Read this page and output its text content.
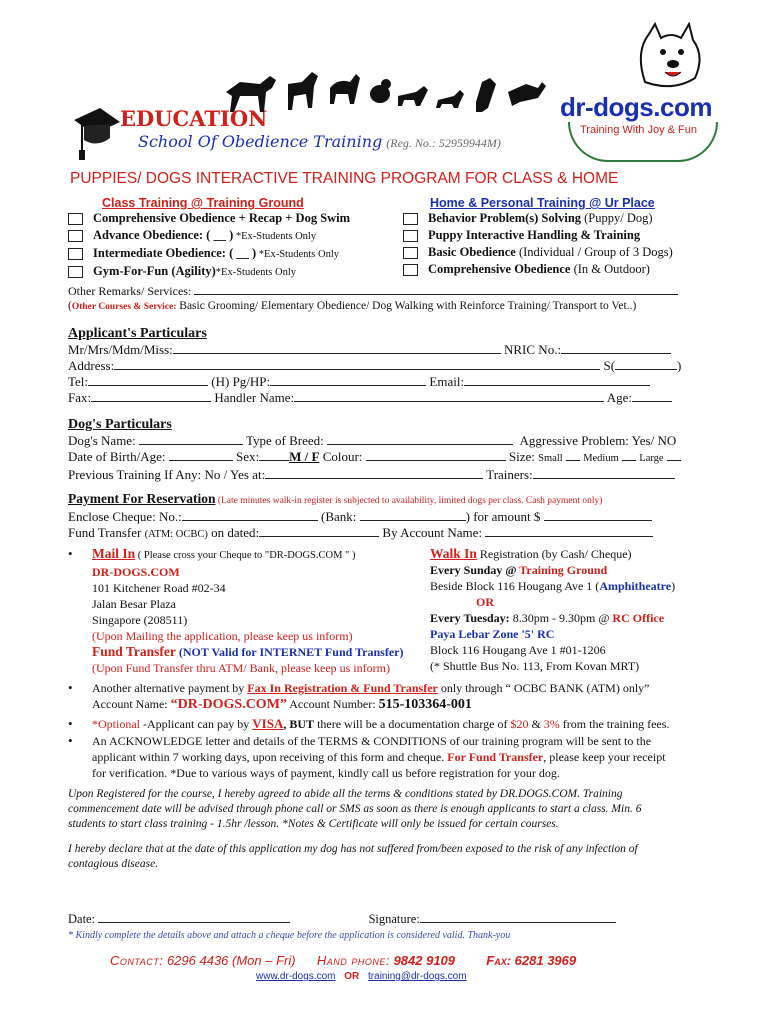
EDUCATION
School Of Obedience Training (Reg. No.: 52959944M)
dr-dogs.com
Training With Joy & Fun
PUPPIES/ DOGS INTERACTIVE TRAINING PROGRAM FOR CLASS & HOME
Class Training @ Training Ground
Comprehensive Obedience + Recap + Dog Swim
Advance Obedience: ( __ ) *Ex-Students Only
Intermediate Obedience: ( __ ) *Ex-Students Only
Gym-For-Fun (Agility)*Ex-Students Only
Home & Personal Training @ Ur Place
Behavior Problem(s) Solving (Puppy/ Dog)
Puppy Interactive Handling & Training
Basic Obedience (Individual / Group of 3 Dogs)
Comprehensive Obedience (In & Outdoor)
Other Remarks/ Services:
(Other Courses & Service: Basic Grooming/ Elementary Obedience/ Dog Walking with Reinforce Training/ Transport to Vet..)
Applicant's Particulars
Mr/Mrs/Mdm/Miss:	NRIC No.:
Address:	S(	)
Tel:	(H) Pg/HP:	Email:
Fax:	Handler Name:	Age:
Dog's Particulars
Dog's Name:	Type of Breed:	Aggressive Problem: Yes/ NO
Date of Birth/Age:	Sex: M / F Colour:	Size: Small Medium Large
Previous Training If Any: No / Yes at:	Trainers:
Payment For Reservation (Late minutes walk-in register is subjected to availability, limited dogs per class. Cash payment only)
Enclose Cheque: No.:	(Bank:	) for amount $
Fund Transfer (ATM: OCBC) on dated:	By Account Name:
Mail In ( Please cross your Cheque to "DR-DOGS.COM " )
DR-DOGS.COM
101 Kitchener Road #02-34
Jalan Besar Plaza
Singapore (208511)
(Upon Mailing the application, please keep us inform)
Fund Transfer (NOT Valid for INTERNET Fund Transfer)
(Upon Fund Transfer thru ATM/ Bank, please keep us inform)
Walk In Registration (by Cash/ Cheque)
Every Sunday @ Training Ground
Beside Block 116 Hougang Ave 1 (Amphitheatre)
OR
Every Tuesday: 8.30pm - 9.30pm @ RC Office
Paya Lebar Zone '5' RC
Block 116 Hougang Ave 1 #01-1206
(* Shuttle Bus No. 113, From Kovan MRT)
Another alternative payment by Fax In Registration & Fund Transfer only through “ OCBC BANK (ATM) only”
Account Name: “DR-DOGS.COM” Account Number: 515-103364-001
*Optional -Applicant can pay by VISA, BUT there will be a documentation charge of $20 & 3% from the training fees.
An ACKNOWLEDGE letter and details of the TERMS & CONDITIONS of our training program will be sent to the
applicant within 7 working days, upon receiving of this form and cheque. For Fund Transfer, please keep your receipt
for verification. *Due to various ways of payment, kindly call us before registration for your dog.
Upon Registered for the course, I hereby agreed to abide all the terms & conditions stated by DR.DOGS.COM. Training
commencement date will be advised through phone call or SMS as soon as there is enough applicants to start a class. Min. 6
students to start class training - 1.5hr /lesson. *Notes & Certificate will only be issued for certain courses.
I hereby declare that at the date of this application my dog has not suffered from/been exposed to the risk of any infection of
contagious disease.
Date:	Signature:
* Kindly complete the details above and attach a cheque before the application is considered valid. Thank-you
Contact: 6296 4436 (Mon – Fri) Hand phone: 9842 9109 Fax: 6281 3969
www.dr-dogs.com OR training@dr-dogs.com
